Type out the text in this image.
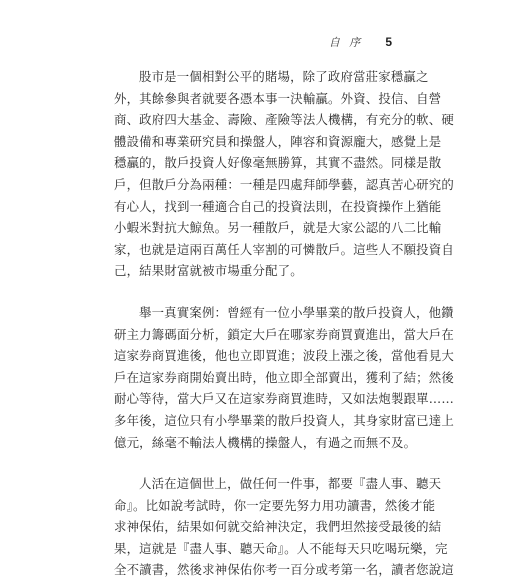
自 序 5

股市是一個相對公平的賭場，除了政府當莊家穩贏之
外，其餘參與者就要各憑本事一決輸贏。外資、投信、自營
商、政府四大基金、壽險、產險等法人機構，有充分的軟、硬
體設備和專業研究員和操盤人，陣容和資源龐大，感覺上是
穩贏的，散戶投資人好像毫無勝算，其實不盡然。同樣是散
戶，但散戶分為兩種：一種是四處拜師學藝，認真苦心研究的
有心人，找到一種適合自己的投資法則，在投資操作上猶能
小蝦米對抗大鯨魚。另一種散戶，就是大家公認的八二比輸
家，也就是這兩百萬任人宰割的可憐散戶。這些人不願投資自
己，結果財富就被市場重分配了。

舉一真實案例：曾經有一位小學畢業的散戶投資人，他鑽
研主力籌碼面分析，鎖定大戶在哪家券商買賣進出，當大戶在
這家券商買進後，他也立即買進；波段上漲之後，當他看見大
戶在這家券商開始賣出時，他立即全部賣出，獲利了結；然後
耐心等待，當大戶又在這家券商買進時，又如法炮製跟單……
多年後，這位只有小學畢業的散戶投資人，其身家財富已達上
億元，絲毫不輸法人機構的操盤人，有過之而無不及。

人活在這個世上，做任何一件事，都要『盡人事、聽天
命』。比如說考試時，你一定要先努力用功讀書，然後才能
求神保佑，結果如何就交給神決定，我們坦然接受最後的結
果，這就是『盡人事、聽天命』。人不能每天只吃喝玩樂，完
全不讀書，然後求神保佑你考一百分或考第一名，讀者您說這
